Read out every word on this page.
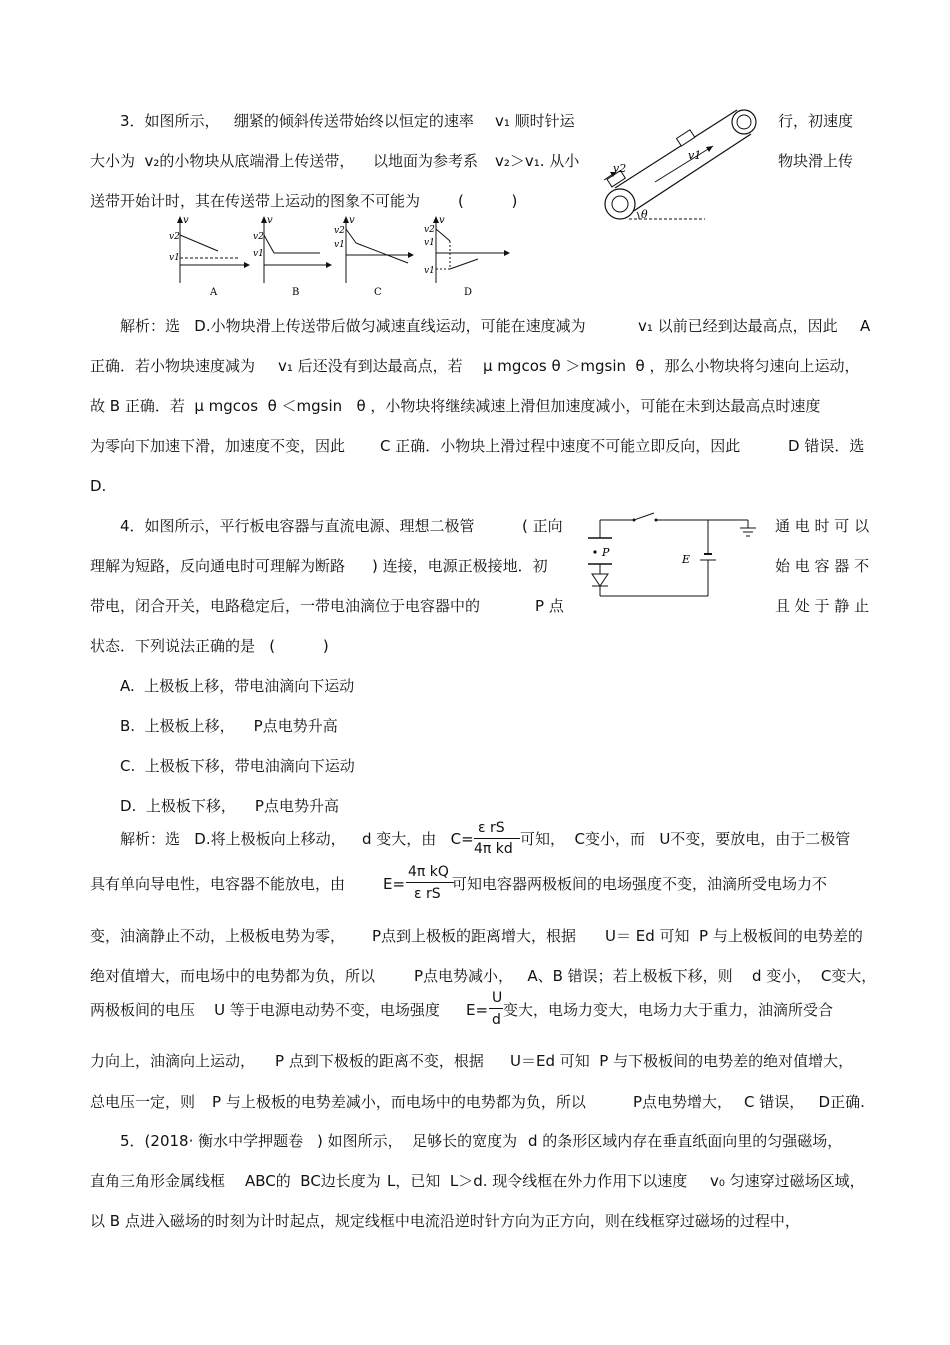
3．如图所示，   绷紧的倾斜传送带始终以恒定的速率 v₁ 顺时针运	行，初速度
大小为  v₂的小物块从底端滑上传送带， 以地面为参考系 v₂＞v₁. 从小	物块滑上传
送带开始计时，其在传送带上运动的图象不可能为	(          )
v1
v2
θ
v
v2
v1
A
v
v2
v1
B
v
v2
v1
C
v
v2
v1
v1
D
解析：选   D.小物块滑上传送带后做匀减速直线运动，可能在速度减为	v₁ 以前已经到达最高点，因此 A
正确．若小物块速度减为 v₁ 后还没有到达最高点，若 μ mgcos θ ＞mgsin  θ ，那么小物块将匀速向上运动，
故 B 正确．若  μ mgcos  θ ＜mgsin   θ ，小物块将继续减速上滑但加速度减小，可能在未到达最高点时速度
为零向下加速下滑，加速度不变，因此 C 正确．小物块上滑过程中速度不可能立即反向，因此	D 错误．选
D.
4．如图所示，平行板电容器与直流电源、理想二极管	( 正向	通 电 时 可 以
理解为短路，反向通电时可理解为断路 ) 连接，电源正极接地．初	始 电 容 器 不
带电，闭合开关，电路稳定后，一带电油滴位于电容器中的	P 点	且 处 于 静 止
状态．下列说法正确的是   (          )
P
E
A.  上极板上移，带电油滴向下运动
B.  上极板上移，    P点电势升高
C.  上极板下移，带电油滴向下运动
D.  上极板下移，    P点电势升高
解析：选   D.将上极板向上移动， d 变大，由   C=
ε rS
4π kd
可知，  C变小，而   U不变，要放电，由于二极管
具有单向导电性，电容器不能放电，由	E=
4π kQ
ε rS
可知电容器两极板间的电场强度不变，油滴所受电场力不
变，油滴静止不动，上极板电势为零， P点到上极板的距离增大，根据 U＝ Ed 可知  P 与上极板间的电势差的
绝对值增大，而电场中的电势都为负，所以	P点电势减小，   A、B 错误；若上极板下移，则 d 变小，  C变大，
两极板间的电压    U 等于电源电动势不变，电场强度 E=
U
d
变大，电场力变大，电场力大于重力，油滴所受合
力向上，油滴向上运动， P 点到下极板的距离不变，根据 U＝Ed 可知  P 与下极板间的电势差的绝对值增大，
总电压一定，则 P 与上极板的电势差减小，而电场中的电势都为负，所以	P点电势增大， C 错误，   D正确.
5．(2018· 衡水中学押题卷 ) 如图所示，  足够长的宽度为 d 的条形区域内存在垂直纸面向里的匀强磁场，
直角三角形金属线框 ABC的  BC边长度为 L，已知  L＞d. 现令线框在外力作用下以速度 v₀ 匀速穿过磁场区域，
以 B 点进入磁场的时刻为计时起点，规定线框中电流沿逆时针方向为正方向，则在线框穿过磁场的过程中，
